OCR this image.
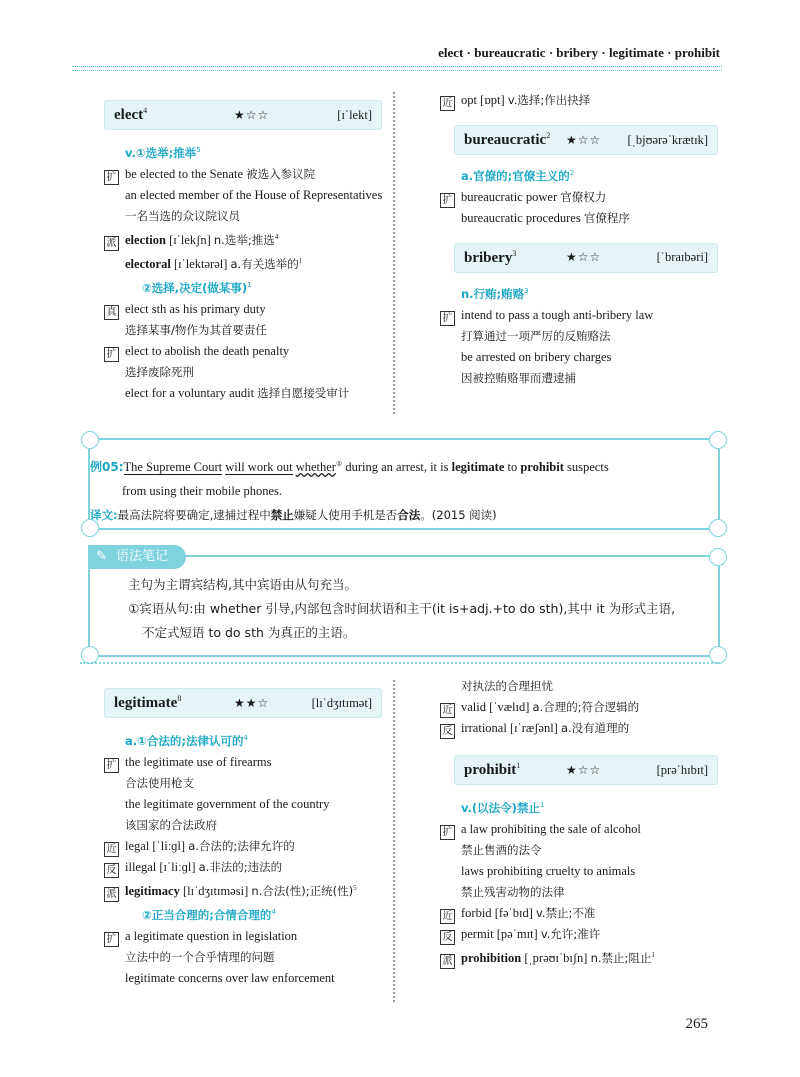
elect · bureaucratic · bribery · legitimate · prohibit
elect$^4$	★☆☆	[ɪˈlekt]
v.①选举;推举$^5$
扩 be elected to the Senate 被选入参议院
an elected member of the House of Representatives
一名当选的众议院议员
派 election [ɪˈlekʃn] n.选举;推选$^4$
electoral [ɪˈlektərəl] a.有关选举的$^1$
②选择,决定(做某事)$^1$
真 elect sth as his primary duty
选择某事/物作为其首要责任
扩 elect to abolish the death penalty
选择废除死刑
elect for a voluntary audit 选择自愿接受审计
近 opt [ɒpt] v.选择;作出抉择
bureaucratic$^2$ ★☆☆ [ˌbjʊərəˈkrætɪk]
a.官僚的;官僚主义的$^2$
扩 bureaucratic power 官僚权力
bureaucratic procedures 官僚程序
bribery$^3$	★☆☆	[ˈbraɪbəri]
n.行贿;贿赂$^3$
扩 intend to pass a tough anti-bribery law
打算通过一项严厉的反贿赂法
be arrested on bribery charges
因被控贿赂罪而遭逮捕
例05:The Supreme Court will work out whether① during an arrest, it is legitimate to prohibit suspects
from using their mobile phones.
译文:最高法院将要确定,逮捕过程中禁止嫌疑人使用手机是否合法。(2015 阅读)
✎ 语法笔记
主句为主谓宾结构,其中宾语由从句充当。
①宾语从句:由 whether 引导,内部包含时间状语和主干(it is+adj.+to do sth),其中 it 为形式主语,
不定式短语 to do sth 为真正的主语。
legitimate$^8$	★★☆	[lɪˈdʒɪtɪmət]
a.①合法的;法律认可的$^4$
扩 the legitimate use of firearms
合法使用枪支
the legitimate government of the country
该国家的合法政府
近 legal [ˈliːɡl] a.合法的;法律允许的
反 illegal [ɪˈliːɡl] a.非法的;违法的
派 legitimacy [lɪˈdʒɪtɪməsi] n.合法(性);正统(性)$^5$
②正当合理的;合情合理的$^4$
扩 a legitimate question in legislation
立法中的一个合乎情理的问题
legitimate concerns over law enforcement
对执法的合理担忧
近 valid [ˈvælɪd] a.合理的;符合逻辑的
反 irrational [ɪˈræʃənl] a.没有道理的
prohibit$^1$	★☆☆	[prəˈhɪbɪt]
v.(以法令)禁止$^1$
扩 a law prohibiting the sale of alcohol
禁止售酒的法令
laws prohibiting cruelty to animals
禁止残害动物的法律
近 forbid [fəˈbɪd] v.禁止;不准
反 permit [pəˈmɪt] v.允许;准许
派 prohibition [ˌprəʊɪˈbɪʃn] n.禁止;阻止$^1$
265
